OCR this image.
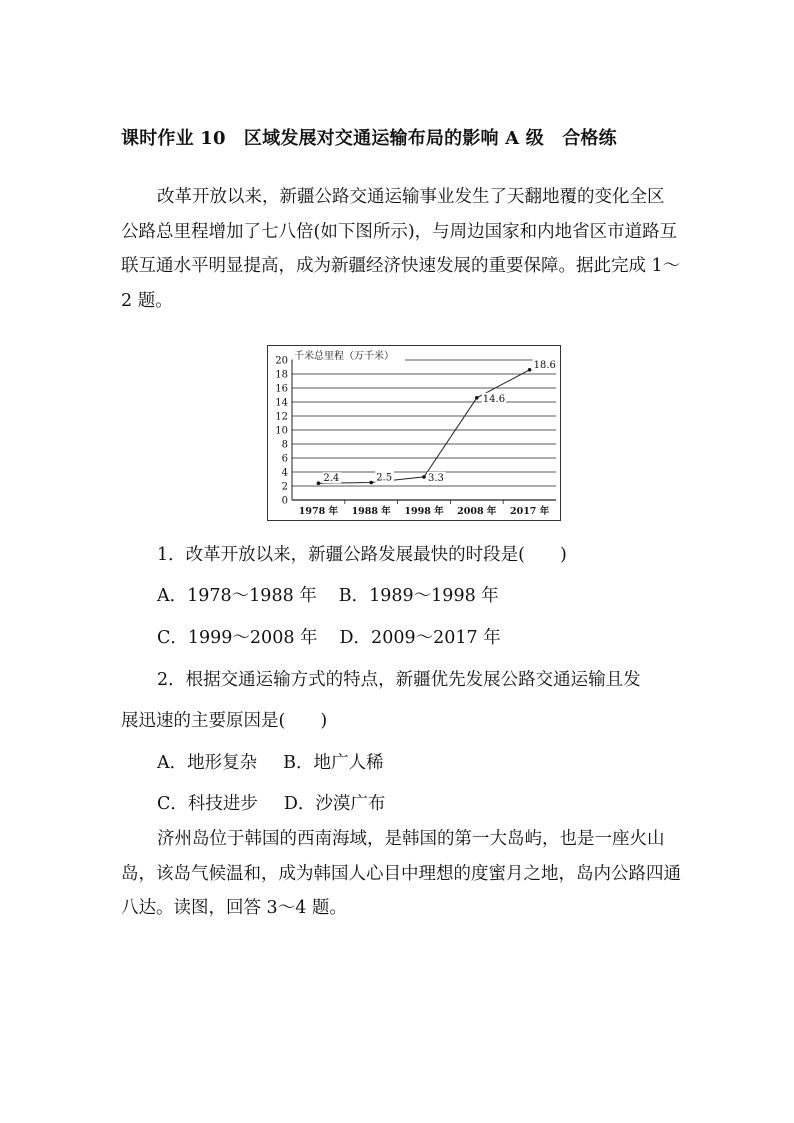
课时作业 10　区域发展对交通运输布局的影响 A 级　合格练

改革开放以来，新疆公路交通运输事业发生了天翻地覆的变化全区公路总里程增加了七八倍(如下图所示)，与周边国家和内地省区市道路互联互通水平明显提高，成为新疆经济快速发展的重要保障。据此完成 1～2 题。

0
2
4
6
8
10
12
14
16
18
20 千米总里程（万千米）
1978 年 1988 年 1998 年 2008 年 2017 年
2.4	2.5	3.3
14.6
18.6
1．改革开放以来，新疆公路发展最快的时段是(　　)
A．1978～1988 年 B．1989～1998 年
C．1999～2008 年 D．2009～2017 年
2．根据交通运输方式的特点，新疆优先发展公路交通运输且发
展迅速的主要原因是(　　)
A．地形复杂 B．地广人稀
C．科技进步 D．沙漠广布

济州岛位于韩国的西南海域，是韩国的第一大岛屿，也是一座火山岛，该岛气候温和，成为韩国人心目中理想的度蜜月之地，岛内公路四通八达。读图，回答 3～4 题。
